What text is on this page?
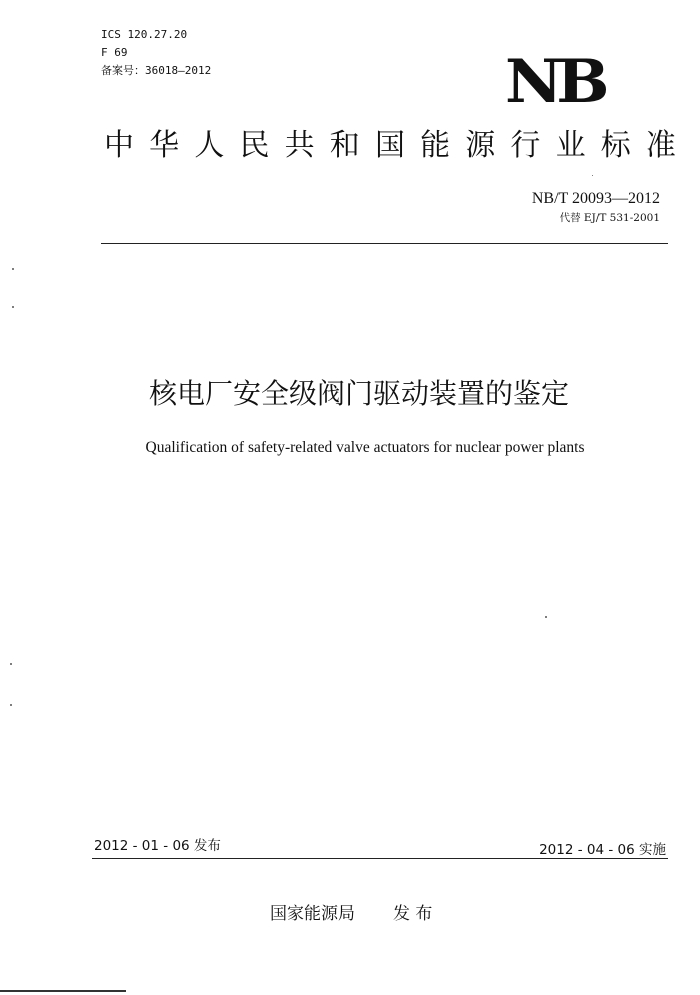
ICS 120.27.20
F 69
备案号：36018—2012	NB
中 华 人 民 共 和 国 能 源 行 业 标 准
NB/T 20093—2012
代替 EJ/T 531-2001
核电厂安全级阀门驱动装置的鉴定
Qualification of safety-related valve actuators for nuclear power plants
2012 - 01 - 06 发布	2012 - 04 - 06 实施
国家能源局 发 布
